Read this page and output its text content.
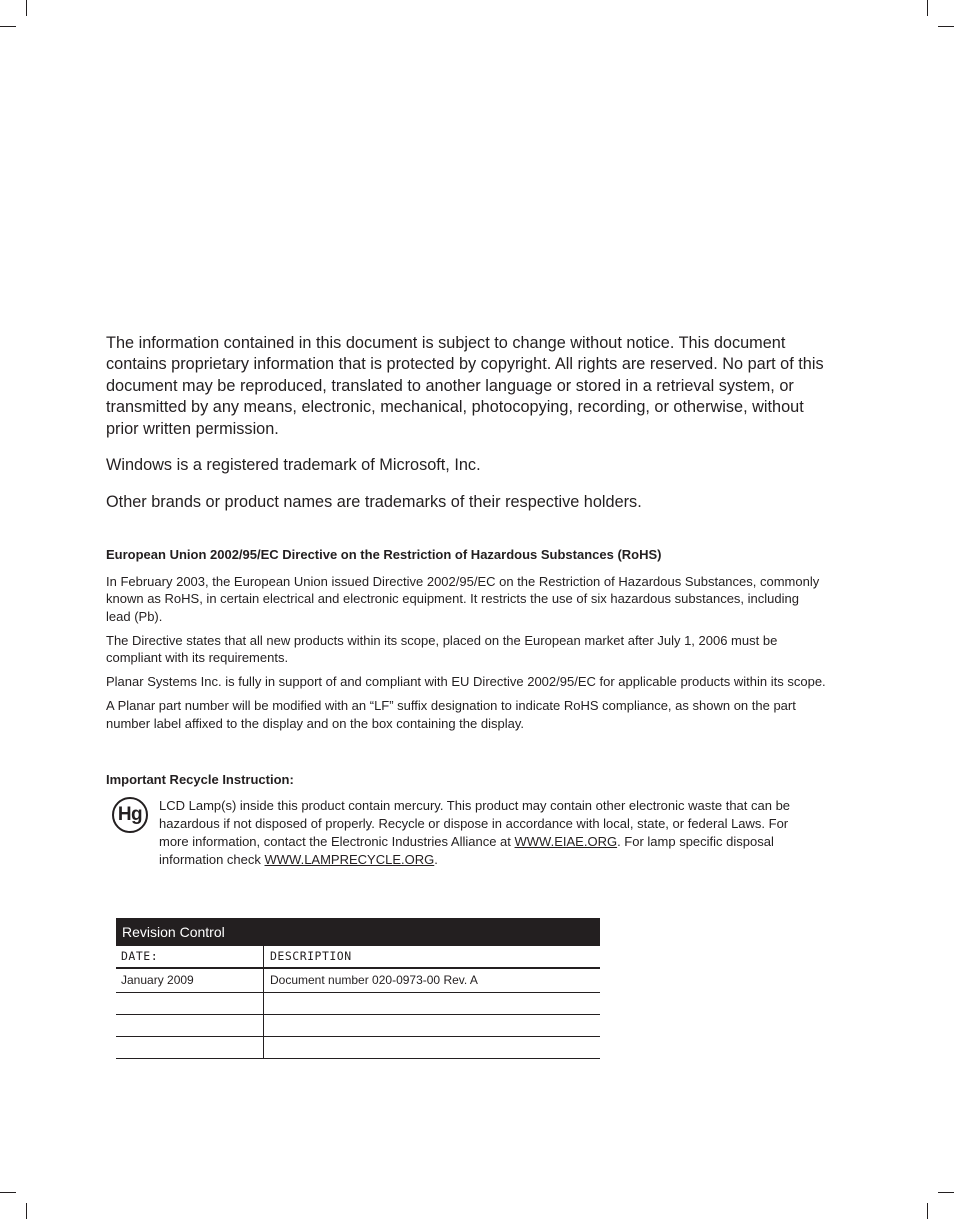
The information contained in this document is subject to change without notice. This document contains proprietary information that is protected by copyright. All rights are reserved. No part of this document may be reproduced, translated to another language or stored in a retrieval system, or transmitted by any means, electronic, mechanical, photocopying, recording, or otherwise, without prior written permission.

Windows is a registered trademark of Microsoft, Inc.

Other brands or product names are trademarks of their respective holders.

European Union 2002/95/EC Directive on the Restriction of Hazardous Substances (RoHS)

In February 2003, the European Union issued Directive 2002/95/EC on the Restriction of Hazardous Substances, commonly known as RoHS, in certain electrical and electronic equipment. It restricts the use of six hazardous substances, including lead (Pb).

The Directive states that all new products within its scope, placed on the European market after July 1, 2006 must be compliant with its requirements.

Planar Systems Inc. is fully in support of and compliant with EU Directive 2002/95/EC for applicable products within its scope.

A Planar part number will be modified with an “LF” suffix designation to indicate RoHS compliance, as shown on the part number label affixed to the display and on the box containing the display.

Important Recycle Instruction:
Hg LCD Lamp(s) inside this product contain mercury. This product may contain other electronic waste that can be hazardous if not disposed of properly. Recycle or dispose in accordance with local, state, or federal Laws. For more information, contact the Electronic Industries Alliance at WWW.EIAE.ORG. For lamp specific disposal information check WWW.LAMPRECYCLE.ORG.

Revision Control
DATE:	DESCRIPTION
January 2009	Document number 020-0973-00 Rev. A
